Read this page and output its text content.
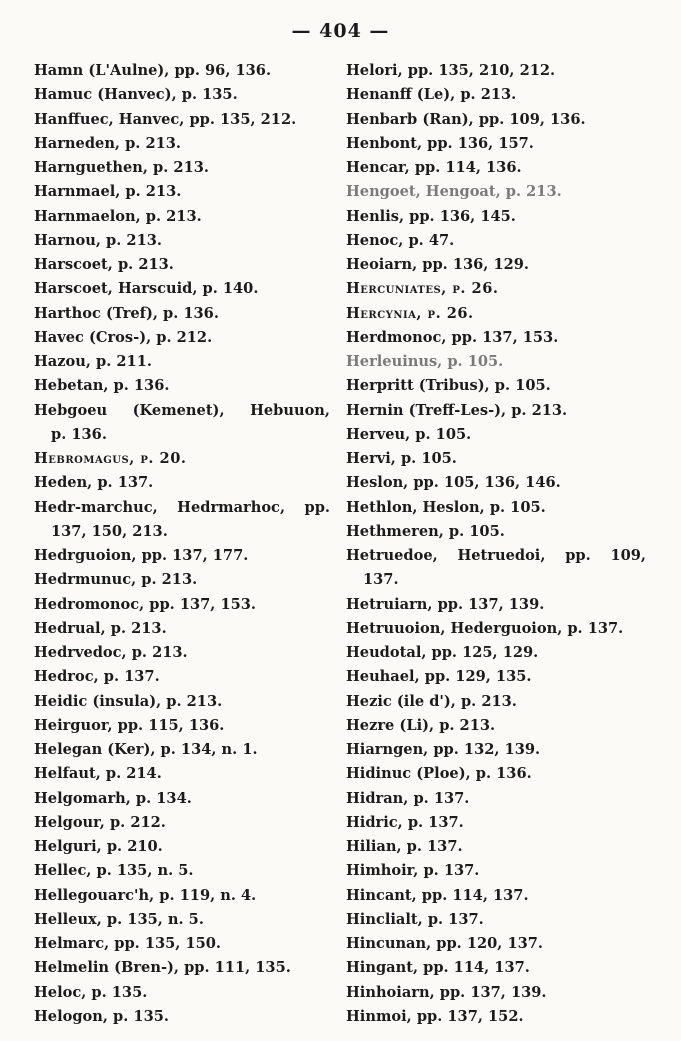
— 404 —
Hamn (L'Aulne), pp. 96, 136.
Hamuc (Hanvec), p. 135.
Hanffuec, Hanvec, pp. 135, 212.
Harneden, p. 213.
Harnguethen, p. 213.
Harnmael, p. 213.
Harnmaelon, p. 213.
Harnou, p. 213.
Harscoet, p. 213.
Harscoet, Harscuid, p. 140.
Harthoc (Tref), p. 136.
Havec (Cros-), p. 212.
Hazou, p. 211.
Hebetan, p. 136.
Hebgoeu (Kemenet), Hebuuon,
p. 136.
Hebromagus, p. 20.
Heden, p. 137.
Hedr-marchuc, Hedrmarhoc, pp.
137, 150, 213.
Hedrguoion, pp. 137, 177.
Hedrmunuc, p. 213.
Hedromonoc, pp. 137, 153.
Hedrual, p. 213.
Hedrvedoc, p. 213.
Hedroc, p. 137.
Heidic (insula), p. 213.
Heirguor, pp. 115, 136.
Helegan (Ker), p. 134, n. 1.
Helfaut, p. 214.
Helgomarh, p. 134.
Helgour, p. 212.
Helguri, p. 210.
Hellec, p. 135, n. 5.
Hellegouarc'h, p. 119, n. 4.
Helleux, p. 135, n. 5.
Helmarc, pp. 135, 150.
Helmelin (Bren-), pp. 111, 135.
Heloc, p. 135.
Helogon, p. 135.
Helori, pp. 135, 210, 212.
Henanff (Le), p. 213.
Henbarb (Ran), pp. 109, 136.
Henbont, pp. 136, 157.
Hencar, pp. 114, 136.
Hengoet, Hengoat, p. 213.
Henlis, pp. 136, 145.
Henoc, p. 47.
Heoiarn, pp. 136, 129.
Hercuniates, p. 26.
Hercynia, p. 26.
Herdmonoc, pp. 137, 153.
Herleuinus, p. 105.
Herpritt (Tribus), p. 105.
Hernin (Treff-Les-), p. 213.
Herveu, p. 105.
Hervi, p. 105.
Heslon, pp. 105, 136, 146.
Hethlon, Heslon, p. 105.
Hethmeren, p. 105.
Hetruedoe, Hetruedoi, pp. 109,
137.
Hetruiarn, pp. 137, 139.
Hetruuoion, Hederguoion, p. 137.
Heudotal, pp. 125, 129.
Heuhael, pp. 129, 135.
Hezic (ile d'), p. 213.
Hezre (Li), p. 213.
Hiarngen, pp. 132, 139.
Hidinuc (Ploe), p. 136.
Hidran, p. 137.
Hidric, p. 137.
Hilian, p. 137.
Himhoir, p. 137.
Hincant, pp. 114, 137.
Hinclialt, p. 137.
Hincunan, pp. 120, 137.
Hingant, pp. 114, 137.
Hinhoiarn, pp. 137, 139.
Hinmoi, pp. 137, 152.
